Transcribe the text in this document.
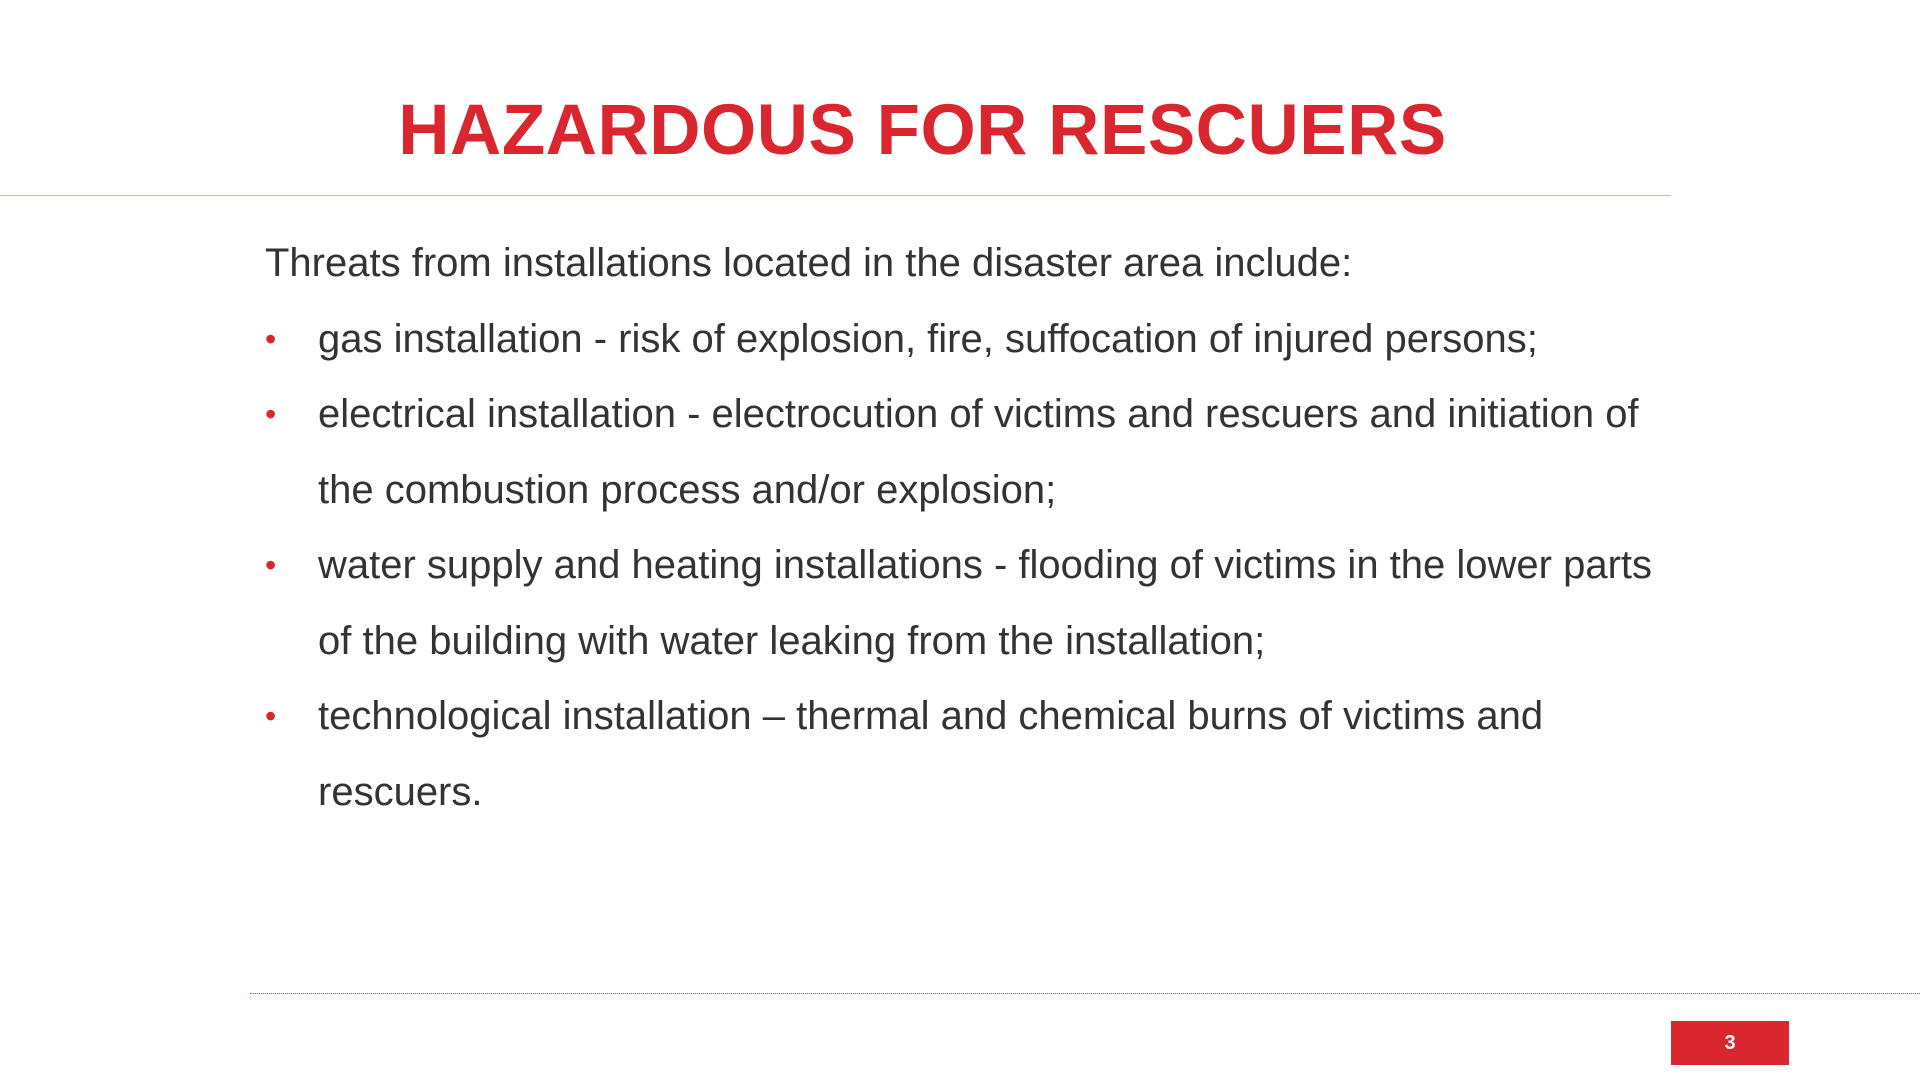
HAZARDOUS FOR RESCUERS

Threats from installations located in the disaster area include:

• gas installation - risk of explosion, fire, suffocation of injured persons;
• electrical installation - electrocution of victims and rescuers and initiation of the combustion process and/or explosion;
• water supply and heating installations - flooding of victims in the lower parts of the building with water leaking from the installation;
• technological installation – thermal and chemical burns of victims and rescuers.
3
